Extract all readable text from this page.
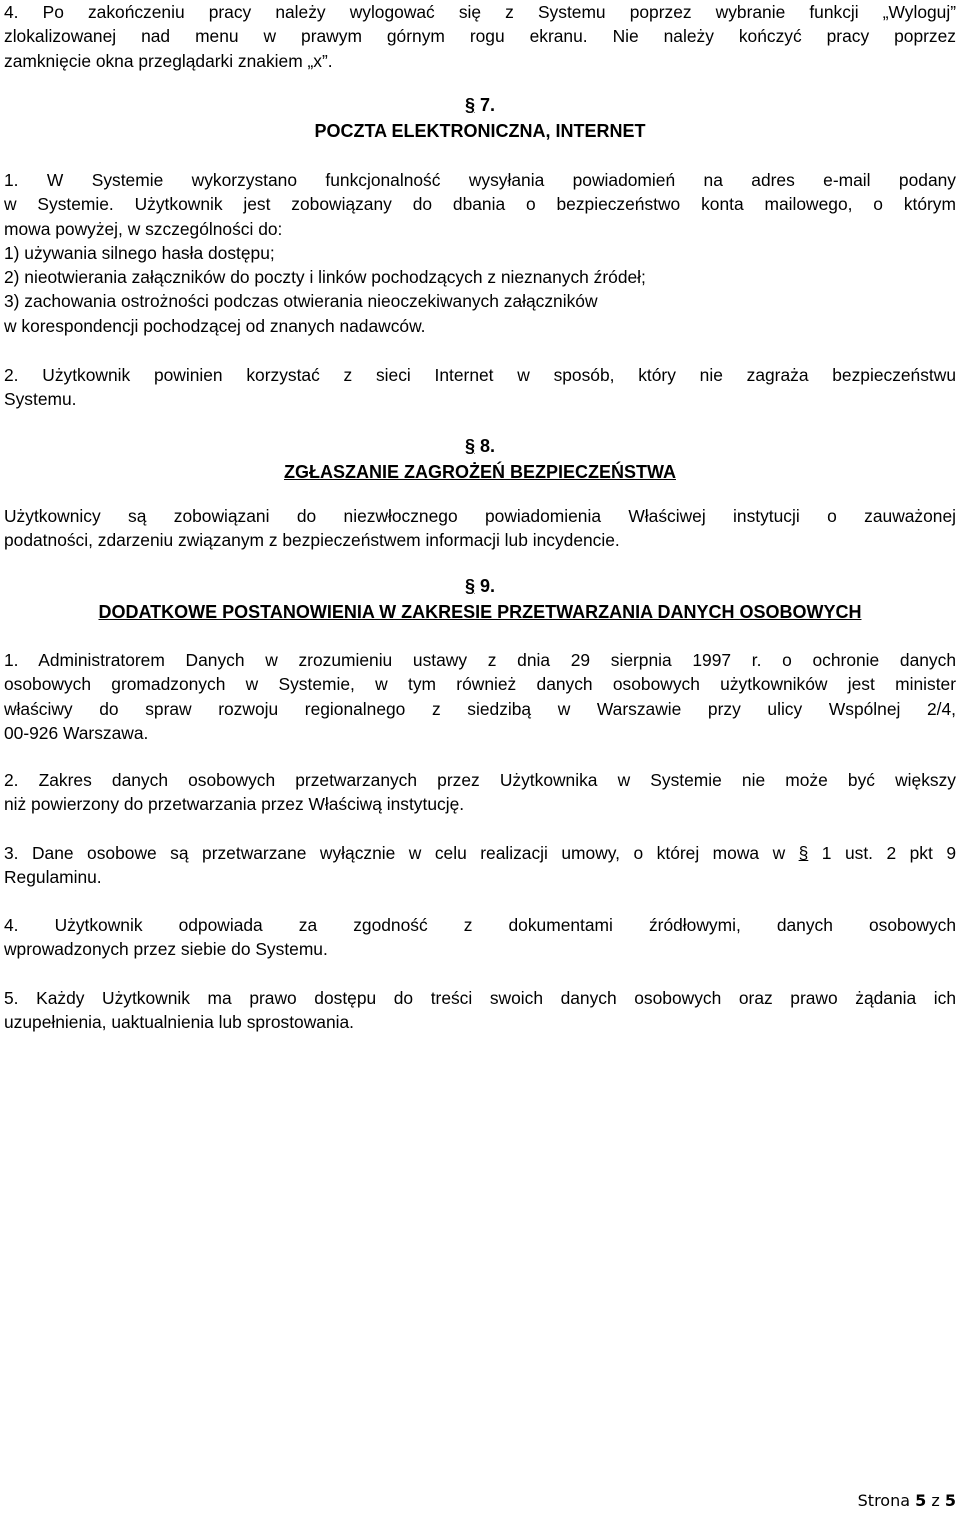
4. Po zakończeniu pracy należy wylogować się z Systemu poprzez wybranie funkcji „Wyloguj”
zlokalizowanej nad menu w prawym górnym rogu ekranu. Nie należy kończyć pracy poprzez
zamknięcie okna przeglądarki znakiem „x”.

§ 7.

POCZTA ELEKTRONICZNA, INTERNET

1. W Systemie wykorzystano funkcjonalność wysyłania powiadomień na adres e-mail podany
w Systemie. Użytkownik jest zobowiązany do dbania o bezpieczeństwo konta mailowego, o którym
mowa powyżej, w szczególności do:
1) używania silnego hasła dostępu;
2) nieotwierania załączników do poczty i linków pochodzących z nieznanych źródeł;
3) zachowania ostrożności podczas otwierania nieoczekiwanych załączników
w korespondencji pochodzącej od znanych nadawców.
2. Użytkownik powinien korzystać z sieci Internet w sposób, który nie zagraża bezpieczeństwu
Systemu.

§ 8.

ZGŁASZANIE ZAGROŻEŃ BEZPIECZEŃSTWA

Użytkownicy są zobowiązani do niezwłocznego powiadomienia Właściwej instytucji o zauważonej
podatności, zdarzeniu związanym z bezpieczeństwem informacji lub incydencie.

§ 9.

DODATKOWE POSTANOWIENIA W ZAKRESIE PRZETWARZANIA DANYCH OSOBOWYCH

1. Administratorem Danych w zrozumieniu ustawy z dnia 29 sierpnia 1997 r. o ochronie danych
osobowych gromadzonych w Systemie, w tym również danych osobowych użytkowników jest minister
właściwy do spraw rozwoju regionalnego z siedzibą w Warszawie przy ulicy Wspólnej 2/4,
00-926 Warszawa.
2. Zakres danych osobowych przetwarzanych przez Użytkownika w Systemie nie może być większy
niż powierzony do przetwarzania przez Właściwą instytucję.
3. Dane osobowe są przetwarzane wyłącznie w celu realizacji umowy, o której mowa w § 1 ust. 2 pkt 9
Regulaminu.
4. Użytkownik odpowiada za zgodność z dokumentami źródłowymi, danych osobowych
wprowadzonych przez siebie do Systemu.
5. Każdy Użytkownik ma prawo dostępu do treści swoich danych osobowych oraz prawo żądania ich
uzupełnienia, uaktualnienia lub sprostowania.
Strona 5 z 5
